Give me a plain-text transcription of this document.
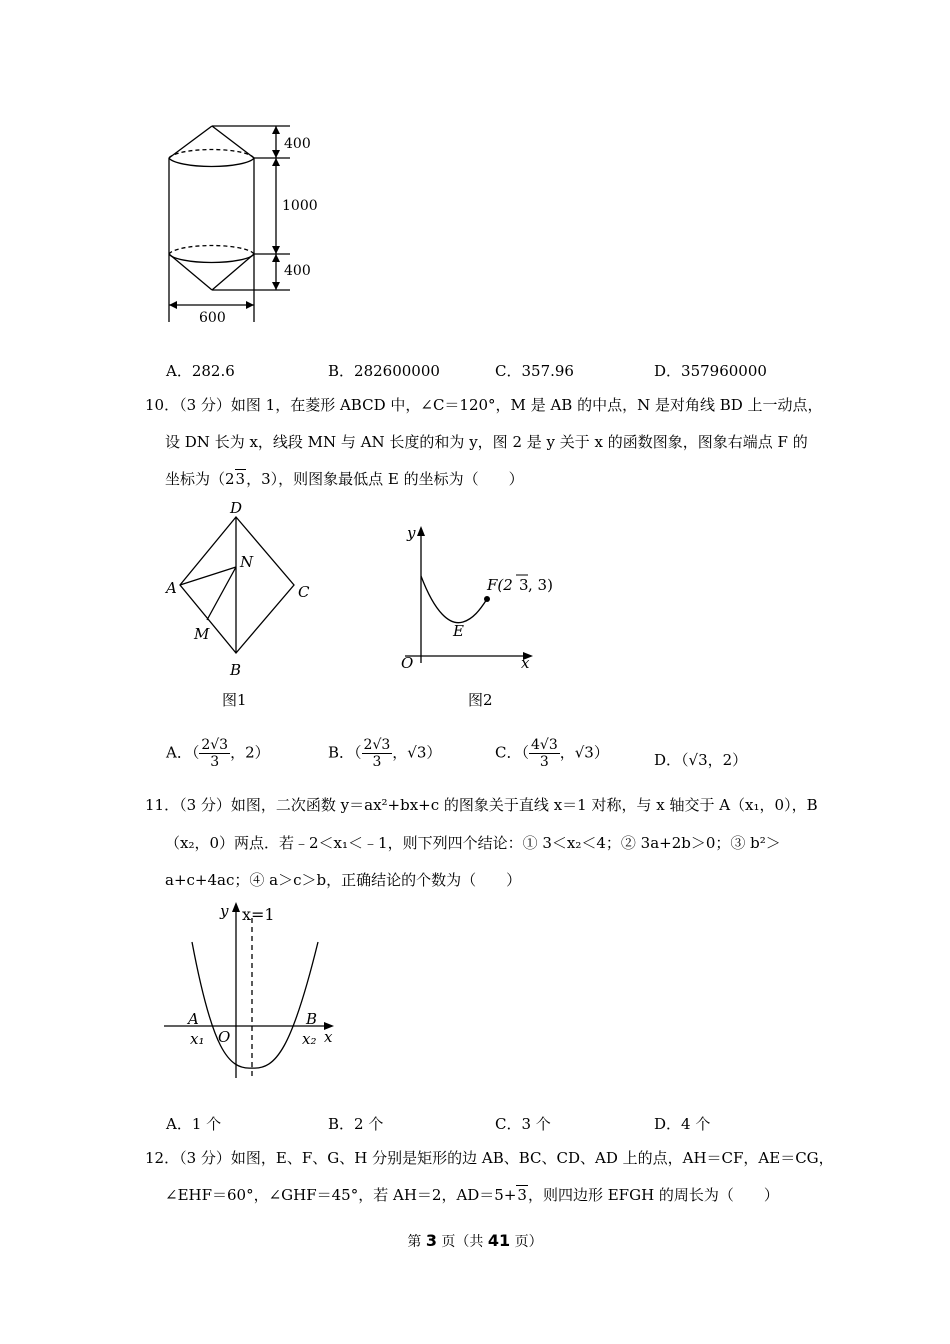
400
1000
400
600
A．282.6	B．282600000	C．357.96	D．357960000
10．（3 分）如图 1，在菱形 ABCD 中，∠C＝120°，M 是 AB 的中点，N 是对角线 BD 上一动点，
设 DN 长为 x，线段 MN 与 AN 长度的和为 y，图 2 是 y 关于 x 的函数图象，图象右端点 F 的
坐标为（23，3），则图象最低点 E 的坐标为（　　）
D
A
N
C
M
B
y
F(2 3 , 3)
E
O	x
图1	图2
A．（ $\frac{2√3}{3}$ ，2）	B．（ $\frac{2√3}{3}$ ，√3）	C．（ $\frac{4√3}{3}$ ，√3）	D．（√3，2）
11．（3 分）如图，二次函数 y＝ax²+bx+c 的图象关于直线 x＝1 对称，与 x 轴交于 A（x₁，0），B
（x₂，0）两点．若﹣2＜x₁＜﹣1，则下列四个结论：① 3＜x₂＜4；② 3a+2b＞0；③ b²＞
a+c+4ac；④ a＞c＞b，正确结论的个数为（　　）
y x=1
A	B
x₁ O	x₂ x
A．1 个	B．2 个	C．3 个	D．4 个
12．（3 分）如图，E、F、G、H 分别是矩形的边 AB、BC、CD、AD 上的点，AH＝CF，AE＝CG，
∠EHF＝60°，∠GHF＝45°，若 AH＝2，AD＝5+3，则四边形 EFGH 的周长为（　　）
第 3 页（共 41 页）
